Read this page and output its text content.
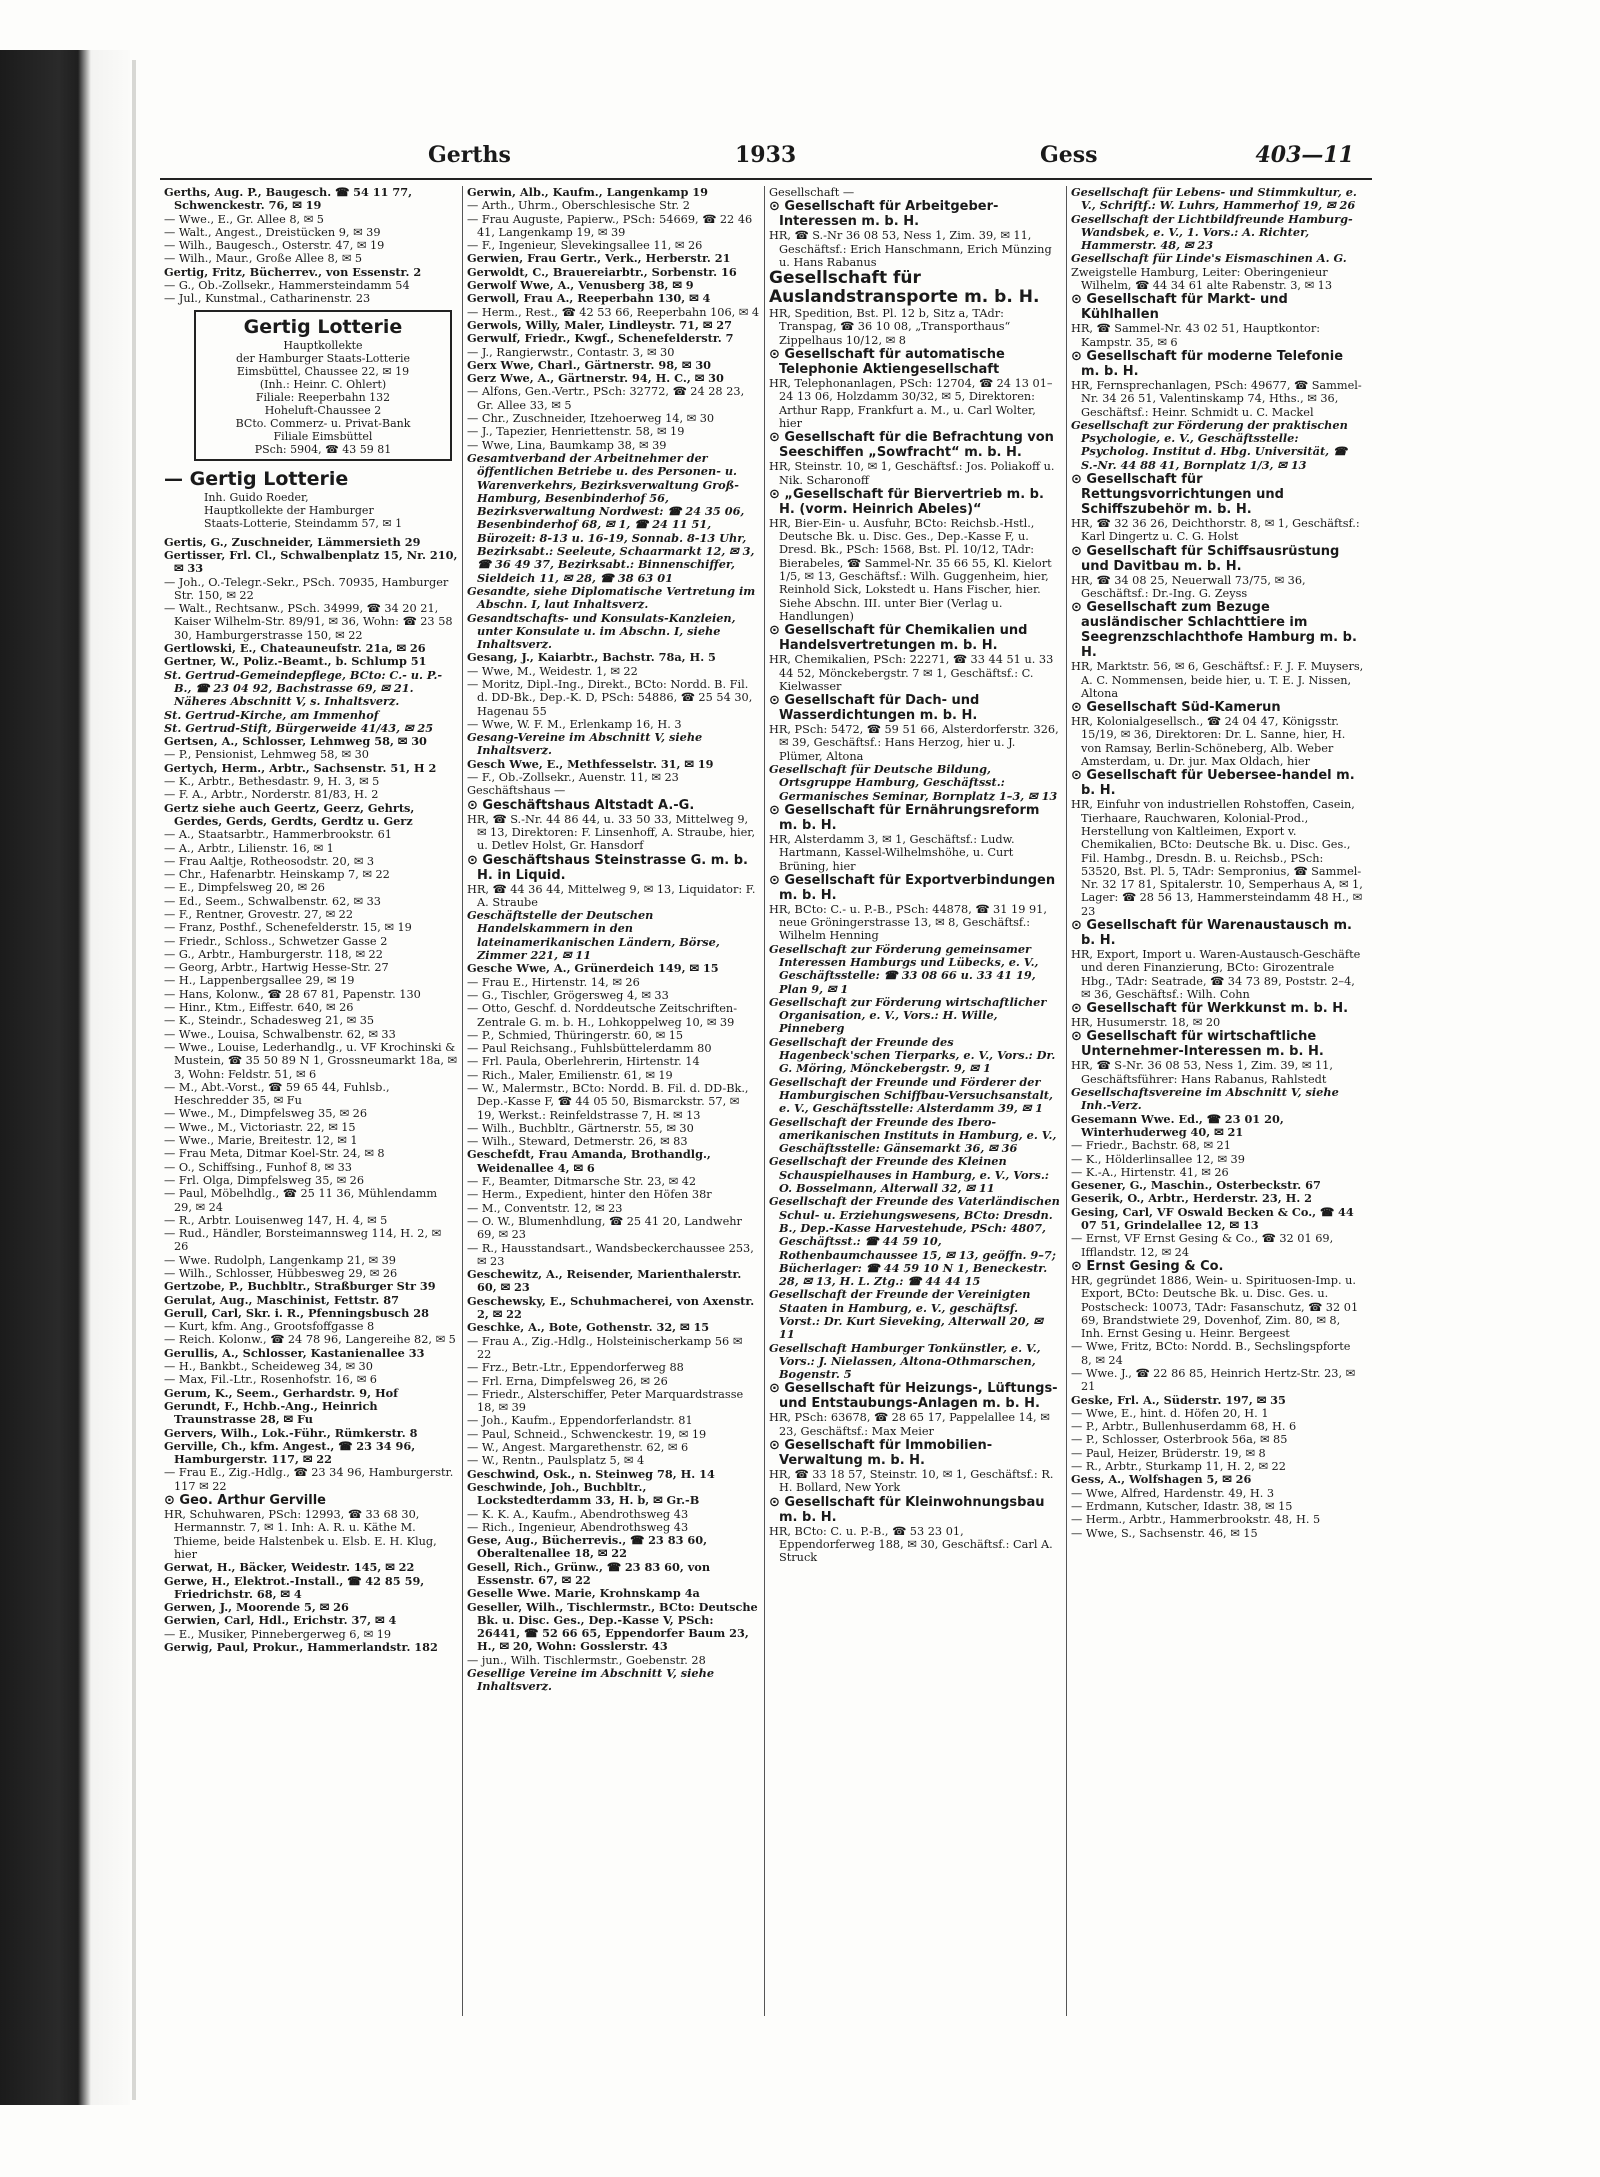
Gerths	1933	Gess	403—11

Gerths, Aug. P., Baugesch. ☎ 54 11 77, Schwenckestr. 76, ✉ 19

— Wwe., E., Gr. Allee 8, ✉ 5

— Walt., Angest., Dreistücken 9, ✉ 39

— Wilh., Baugesch., Osterstr. 47, ✉ 19

— Wilh., Maur., Große Allee 8, ✉ 5

Gertig, Fritz, Bücherrev., von Essenstr. 2

— G., Ob.-Zollsekr., Hammersteindamm 54

— Jul., Kunstmal., Catharinenstr. 23

Gertig Lotterie
Hauptkollekte
der Hamburger Staats-Lotterie
Eimsbüttel, Chaussee 22, ✉ 19
(Inh.: Heinr. C. Ohlert)
Filiale: Reeperbahn 132
Hoheluft-Chaussee 2
BCto. Commerz- u. Privat-Bank
Filiale Eimsbüttel
PSch: 5904, ☎ 43 59 81
— Gertig Lotterie
Inh. Guido Roeder,
Hauptkollekte der Hamburger
Staats-Lotterie, Steindamm 57, ✉ 1

Gertis, G., Zuschneider, Lämmersieth 29

Gertisser, Frl. Cl., Schwalbenplatz 15, Nr. 210, ✉ 33

— Joh., O.-Telegr.-Sekr., PSch. 70935, Hamburger Str. 150, ✉ 22

— Walt., Rechtsanw., PSch. 34999, ☎ 34 20 21, Kaiser Wilhelm-Str. 89/91, ✉ 36, Wohn: ☎ 23 58 30, Hamburgerstrasse 150, ✉ 22

Gertlowski, E., Chateauneufstr. 21a, ✉ 26

Gertner, W., Poliz.-Beamt., b. Schlump 51

St. Gertrud-Gemeindepflege, BCto: C.- u. P.-B., ☎ 23 04 92, Bachstrasse 69, ✉ 21. Näheres Abschnitt V, s. Inhaltsverz.

St. Gertrud-Kirche, am Immenhof

St. Gertrud-Stift, Bürgerweide 41/43, ✉ 25

Gertsen, A., Schlosser, Lehmweg 58, ✉ 30

— P., Pensionist, Lehmweg 58, ✉ 30

Gertych, Herm., Arbtr., Sachsenstr. 51, H 2

— K., Arbtr., Bethesdastr. 9, H. 3, ✉ 5

— F. A., Arbtr., Norderstr. 81/83, H. 2

Gertz siehe auch Geertz, Geerz, Gehrts, Gerdes, Gerds, Gerdts, Gerdtz u. Gerz

— A., Staatsarbtr., Hammerbrookstr. 61

— A., Arbtr., Lilienstr. 16, ✉ 1

— Frau Aaltje, Rotheosodstr. 20, ✉ 3

— Chr., Hafenarbtr. Heinskamp 7, ✉ 22

— E., Dimpfelsweg 20, ✉ 26

— Ed., Seem., Schwalbenstr. 62, ✉ 33

— F., Rentner, Grovestr. 27, ✉ 22

— Franz, Posthf., Schenefelderstr. 15, ✉ 19

— Friedr., Schloss., Schwetzer Gasse 2

— G., Arbtr., Hamburgerstr. 118, ✉ 22

— Georg, Arbtr., Hartwig Hesse-Str. 27

— H., Lappenbergsallee 29, ✉ 19

— Hans, Kolonw., ☎ 28 67 81, Papenstr. 130

— Hinr., Ktm., Eiffestr. 640, ✉ 26

— K., Steindr., Schadesweg 21, ✉ 35

— Wwe., Louisa, Schwalbenstr. 62, ✉ 33

— Wwe., Louise, Lederhandlg., u. VF Krochinski & Mustein, ☎ 35 50 89 N 1, Grossneumarkt 18a, ✉ 3, Wohn: Feldstr. 51, ✉ 6

— M., Abt.-Vorst., ☎ 59 65 44, Fuhlsb., Heschredder 35, ✉ Fu

— Wwe., M., Dimpfelsweg 35, ✉ 26

— Wwe., M., Victoriastr. 22, ✉ 15

— Wwe., Marie, Breitestr. 12, ✉ 1

— Frau Meta, Ditmar Koel-Str. 24, ✉ 8

— O., Schiffsing., Funhof 8, ✉ 33

— Frl. Olga, Dimpfelsweg 35, ✉ 26

— Paul, Möbelhdlg., ☎ 25 11 36, Mühlendamm 29, ✉ 24

— R., Arbtr. Louisenweg 147, H. 4, ✉ 5

— Rud., Händler, Borsteimannsweg 114, H. 2, ✉ 26

— Wwe. Rudolph, Langenkamp 21, ✉ 39

— Wilh., Schlosser, Hübbesweg 29, ✉ 26

Gertzobe, P., Buchbltr., Straßburger Str 39

Gerulat, Aug., Maschinist, Fettstr. 87

Gerull, Carl, Skr. i. R., Pfenningsbusch 28

— Kurt, kfm. Ang., Grootsfoffgasse 8

— Reich. Kolonw., ☎ 24 78 96, Langereihe 82, ✉ 5

Gerullis, A., Schlosser, Kastanienallee 33

— H., Bankbt., Scheideweg 34, ✉ 30

— Max, Fil.-Ltr., Rosenhofstr. 16, ✉ 6

Gerum, K., Seem., Gerhardstr. 9, Hof

Gerundt, F., Hchb.-Ang., Heinrich Traunstrasse 28, ✉ Fu

Gervers, Wilh., Lok.-Führ., Rümkerstr. 8

Gerville, Ch., kfm. Angest., ☎ 23 34 96, Hamburgerstr. 117, ✉ 22

— Frau E., Zig.-Hdlg., ☎ 23 34 96, Hamburgerstr. 117 ✉ 22

⊙ Geo. Arthur Gerville

HR, Schuhwaren, PSch: 12993, ☎ 33 68 30, Hermannstr. 7, ✉ 1. Inh: A. R. u. Käthe M. Thieme, beide Halstenbek u. Elsb. E. H. Klug, hier

Gerwat, H., Bäcker, Weidestr. 145, ✉ 22

Gerwe, H., Elektrot.-Install., ☎ 42 85 59, Friedrichstr. 68, ✉ 4

Gerwen, J., Moorende 5, ✉ 26

Gerwien, Carl, Hdl., Erichstr. 37, ✉ 4

— E., Musiker, Pinnebergerweg 6, ✉ 19

Gerwig, Paul, Prokur., Hammerlandstr. 182

Gerwin, Alb., Kaufm., Langenkamp 19

— Arth., Uhrm., Oberschlesische Str. 2

— Frau Auguste, Papierw., PSch: 54669, ☎ 22 46 41, Langenkamp 19, ✉ 39

— F., Ingenieur, Slevekingsallee 11, ✉ 26

Gerwien, Frau Gertr., Verk., Herberstr. 21

Gerwoldt, C., Brauereiarbtr., Sorbenstr. 16

Gerwolf Wwe, A., Venusberg 38, ✉ 9

Gerwoll, Frau A., Reeperbahn 130, ✉ 4

— Herm., Rest., ☎ 42 53 66, Reeperbahn 106, ✉ 4

Gerwols, Willy, Maler, Lindleystr. 71, ✉ 27

Gerwulf, Friedr., Kwgf., Schenefelderstr. 7

— J., Rangierwstr., Contastr. 3, ✉ 30

Gerx Wwe, Charl., Gärtnerstr. 98, ✉ 30

Gerz Wwe, A., Gärtnerstr. 94, H. C., ✉ 30

— Alfons, Gen.-Vertr., PSch: 32772, ☎ 24 28 23, Gr. Allee 33, ✉ 5

— Chr., Zuschneider, Itzehoerweg 14, ✉ 30

— J., Tapezier, Henriettenstr. 58, ✉ 19

— Wwe, Lina, Baumkamp 38, ✉ 39

Gesamtverband der Arbeitnehmer der öffentlichen Betriebe u. des Personen- u. Warenverkehrs, Bezirksverwaltung Groß-Hamburg, Besenbinderhof 56, Bezirksverwaltung Nordwest: ☎ 24 35 06, Besenbinderhof 68, ✉ 1, ☎ 24 11 51, Bürozeit: 8-13 u. 16-19, Sonnab. 8-13 Uhr, Bezirksabt.: Seeleute, Schaarmarkt 12, ✉ 3, ☎ 36 49 37, Bezirksabt.: Binnenschiffer, Sieldeich 11, ✉ 28, ☎ 38 63 01

Gesandte, siehe Diplomatische Vertretung im Abschn. I, laut Inhaltsverz.

Gesandtschafts- und Konsulats-Kanzleien, unter Konsulate u. im Abschn. I, siehe Inhaltsverz.

Gesang, J., Kaiarbtr., Bachstr. 78a, H. 5

— Wwe, M., Weidestr. 1, ✉ 22

— Moritz, Dipl.-Ing., Direkt., BCto: Nordd. B. Fil. d. DD-Bk., Dep.-K. D, PSch: 54886, ☎ 25 54 30, Hagenau 55

— Wwe, W. F. M., Erlenkamp 16, H. 3

Gesang-Vereine im Abschnitt V, siehe Inhaltsverz.

Gesch Wwe, E., Methfesselstr. 31, ✉ 19

— F., Ob.-Zollsekr., Auenstr. 11, ✉ 23

Geschäftshaus —

⊙ Geschäftshaus Altstadt A.-G.

HR, ☎ S.-Nr. 44 86 44, u. 33 50 33, Mittelweg 9, ✉ 13, Direktoren: F. Linsenhoff, A. Straube, hier, u. Detlev Holst, Gr. Hansdorf

⊙ Geschäftshaus Steinstrasse G. m. b. H. in Liquid.

HR, ☎ 44 36 44, Mittelweg 9, ✉ 13, Liquidator: F. A. Straube

Geschäftstelle der Deutschen Handelskammern in den lateinamerikanischen Ländern, Börse, Zimmer 221, ✉ 11

Gesche Wwe, A., Grünerdeich 149, ✉ 15

— Frau E., Hirtenstr. 14, ✉ 26

— G., Tischler, Grögersweg 4, ✉ 33

— Otto, Geschf. d. Norddeutsche Zeitschriften-Zentrale G. m. b. H., Lohkoppelweg 10, ✉ 39

— P., Schmied, Thüringerstr. 60, ✉ 15

— Paul Reichsang., Fuhlsbüttelerdamm 80

— Frl. Paula, Oberlehrerin, Hirtenstr. 14

— Rich., Maler, Emilienstr. 61, ✉ 19

— W., Malermstr., BCto: Nordd. B. Fil. d. DD-Bk., Dep.-Kasse F, ☎ 44 05 50, Bismarckstr. 57, ✉ 19, Werkst.: Reinfeldstrasse 7, H. ✉ 13

— Wilh., Buchbltr., Gärtnerstr. 55, ✉ 30

— Wilh., Steward, Detmerstr. 26, ✉ 83

Geschefdt, Frau Amanda, Brothandlg., Weidenallee 4, ✉ 6

— F., Beamter, Ditmarsche Str. 23, ✉ 42

— Herm., Expedient, hinter den Höfen 38r

— M., Conventstr. 12, ✉ 23

— O. W., Blumenhdlung, ☎ 25 41 20, Landwehr 69, ✉ 23

— R., Hausstandsart., Wandsbeckerchaussee 253, ✉ 23

Geschewitz, A., Reisender, Marienthalerstr. 60, ✉ 23

Geschewsky, E., Schuhmacherei, von Axenstr. 2, ✉ 22

Geschke, A., Bote, Gothenstr. 32, ✉ 15

— Frau A., Zig.-Hdlg., Holsteinischerkamp 56 ✉ 22

— Frz., Betr.-Ltr., Eppendorferweg 88

— Frl. Erna, Dimpfelsweg 26, ✉ 26

— Friedr., Alsterschiffer, Peter Marquardstrasse 18, ✉ 39

— Joh., Kaufm., Eppendorferlandstr. 81

— Paul, Schneid., Schwenckestr. 19, ✉ 19

— W., Angest. Margarethenstr. 62, ✉ 6

— W., Rentn., Paulsplatz 5, ✉ 4

Geschwind, Osk., n. Steinweg 78, H. 14

Geschwinde, Joh., Buchbltr., Lockstedterdamm 33, H. b, ✉ Gr.-B

— K. K. A., Kaufm., Abendrothsweg 43

— Rich., Ingenieur, Abendrothsweg 43

Gese, Aug., Bücherrevis., ☎ 23 83 60, Oberaltenallee 18, ✉ 22

Gesell, Rich., Grünw., ☎ 23 83 60, von Essenstr. 67, ✉ 22

Geselle Wwe. Marie, Krohnskamp 4a

Geseller, Wilh., Tischlermstr., BCto: Deutsche Bk. u. Disc. Ges., Dep.-Kasse V, PSch: 26441, ☎ 52 66 65, Eppendorfer Baum 23, H., ✉ 20, Wohn: Gosslerstr. 43

— jun., Wilh. Tischlermstr., Goebenstr. 28

Gesellige Vereine im Abschnitt V, siehe Inhaltsverz.

Gesellschaft —

⊙ Gesellschaft für Arbeitgeber-Interessen m. b. H.

HR, ☎ S.-Nr 36 08 53, Ness 1, Zim. 39, ✉ 11, Geschäftsf.: Erich Hanschmann, Erich Münzing u. Hans Rabanus

Gesellschaft für Auslandstransporte m. b. H.

HR, Spedition, Bst. Pl. 12 b, Sitz a, TAdr: Transpag, ☎ 36 10 08, „Transporthaus“ Zippelhaus 10/12, ✉ 8

⊙ Gesellschaft für automatische Telephonie Aktiengesellschaft

HR, Telephonanlagen, PSch: 12704, ☎ 24 13 01–24 13 06, Holzdamm 30/32, ✉ 5, Direktoren: Arthur Rapp, Frankfurt a. M., u. Carl Wolter, hier

⊙ Gesellschaft für die Befrachtung von Seeschiffen „Sowfracht“ m. b. H.

HR, Steinstr. 10, ✉ 1, Geschäftsf.: Jos. Poliakoff u. Nik. Scharonoff

⊙ „Gesellschaft für Biervertrieb m. b. H. (vorm. Heinrich Abeles)“

HR, Bier-Ein- u. Ausfuhr, BCto: Reichsb.-Hstl., Deutsche Bk. u. Disc. Ges., Dep.-Kasse F, u. Dresd. Bk., PSch: 1568, Bst. Pl. 10/12, TAdr: Bierabeles, ☎ Sammel-Nr. 35 66 55, Kl. Kielort 1/5, ✉ 13, Geschäftsf.: Wilh. Guggenheim, hier, Reinhold Sick, Lokstedt u. Hans Fischer, hier. Siehe Abschn. III. unter Bier (Verlag u. Handlungen)

⊙ Gesellschaft für Chemikalien und Handelsvertretungen m. b. H.

HR, Chemikalien, PSch: 22271, ☎ 33 44 51 u. 33 44 52, Mönckebergstr. 7 ✉ 1, Geschäftsf.: C. Kielwasser

⊙ Gesellschaft für Dach- und Wasserdichtungen m. b. H.

HR, PSch: 5472, ☎ 59 51 66, Alsterdorferstr. 326, ✉ 39, Geschäftsf.: Hans Herzog, hier u. J. Plümer, Altona

Gesellschaft für Deutsche Bildung, Ortsgruppe Hamburg, Geschäftsst.: Germanisches Seminar, Bornplatz 1–3, ✉ 13

⊙ Gesellschaft für Ernährungsreform m. b. H.

HR, Alsterdamm 3, ✉ 1, Geschäftsf.: Ludw. Hartmann, Kassel-Wilhelmshöhe, u. Curt Brüning, hier

⊙ Gesellschaft für Exportverbindungen m. b. H.

HR, BCto: C.- u. P.-B., PSch: 44878, ☎ 31 19 91, neue Gröningerstrasse 13, ✉ 8, Geschäftsf.: Wilhelm Henning

Gesellschaft zur Förderung gemeinsamer Interessen Hamburgs und Lübecks, e. V., Geschäftsstelle: ☎ 33 08 66 u. 33 41 19, Plan 9, ✉ 1

Gesellschaft zur Förderung wirtschaftlicher Organisation, e. V., Vors.: H. Wille, Pinneberg

Gesellschaft der Freunde des Hagenbeck'schen Tierparks, e. V., Vors.: Dr. G. Möring, Mönckebergstr. 9, ✉ 1

Gesellschaft der Freunde und Förderer der Hamburgischen Schiffbau-Versuchsanstalt, e. V., Geschäftsstelle: Alsterdamm 39, ✉ 1

Gesellschaft der Freunde des Ibero-amerikanischen Instituts in Hamburg, e. V., Geschäftsstelle: Gänsemarkt 36, ✉ 36

Gesellschaft der Freunde des Kleinen Schauspielhauses in Hamburg, e. V., Vors.: O. Bosselmann, Alterwall 32, ✉ 11

Gesellschaft der Freunde des Vaterländischen Schul- u. Erziehungswesens, BCto: Dresdn. B., Dep.-Kasse Harvestehude, PSch: 4807, Geschäftsst.: ☎ 44 59 10, Rothenbaumchaussee 15, ✉ 13, geöffn. 9–7; Bücherlager: ☎ 44 59 10 N 1, Beneckestr. 28, ✉ 13, H. L. Ztg.: ☎ 44 44 15

Gesellschaft der Freunde der Vereinigten Staaten in Hamburg, e. V., geschäftsf. Vorst.: Dr. Kurt Sieveking, Alterwall 20, ✉ 11

Gesellschaft Hamburger Tonkünstler, e. V., Vors.: J. Nielassen, Altona-Othmarschen, Bogenstr. 5

⊙ Gesellschaft für Heizungs-, Lüftungs- und Entstaubungs-Anlagen m. b. H.

HR, PSch: 63678, ☎ 28 65 17, Pappelallee 14, ✉ 23, Geschäftsf.: Max Meier

⊙ Gesellschaft für Immobilien-Verwaltung m. b. H.

HR, ☎ 33 18 57, Steinstr. 10, ✉ 1, Geschäftsf.: R. H. Bollard, New York

⊙ Gesellschaft für Kleinwohnungsbau m. b. H.

HR, BCto: C. u. P.-B., ☎ 53 23 01, Eppendorferweg 188, ✉ 30, Geschäftsf.: Carl A. Struck

Gesellschaft für Lebens- und Stimmkultur, e. V., Schriftf.: W. Luhrs, Hammerhof 19, ✉ 26

Gesellschaft der Lichtbildfreunde Hamburg-Wandsbek, e. V., 1. Vors.: A. Richter, Hammerstr. 48, ✉ 23

Gesellschaft für Linde's Eismaschinen A. G.

Zweigstelle Hamburg, Leiter: Oberingenieur Wilhelm, ☎ 44 34 61 alte Rabenstr. 3, ✉ 13

⊙ Gesellschaft für Markt- und Kühlhallen

HR, ☎ Sammel-Nr. 43 02 51, Hauptkontor: Kampstr. 35, ✉ 6

⊙ Gesellschaft für moderne Telefonie m. b. H.

HR, Fernsprechanlagen, PSch: 49677, ☎ Sammel-Nr. 34 26 51, Valentinskamp 74, Hths., ✉ 36, Geschäftsf.: Heinr. Schmidt u. C. Mackel

Gesellschaft zur Förderung der praktischen Psychologie, e. V., Geschäftsstelle: Psycholog. Institut d. Hbg. Universität, ☎ S.-Nr. 44 88 41, Bornplatz 1/3, ✉ 13

⊙ Gesellschaft für Rettungsvorrichtungen und Schiffszubehör m. b. H.

HR, ☎ 32 36 26, Deichthorstr. 8, ✉ 1, Geschäftsf.: Karl Dingertz u. C. G. Holst

⊙ Gesellschaft für Schiffsausrüstung und Davitbau m. b. H.

HR, ☎ 34 08 25, Neuerwall 73/75, ✉ 36, Geschäftsf.: Dr.-Ing. G. Zeyss

⊙ Gesellschaft zum Bezuge ausländischer Schlachttiere im Seegrenzschlachthofe Hamburg m. b. H.

HR, Marktstr. 56, ✉ 6, Geschäftsf.: F. J. F. Muysers, A. C. Nommensen, beide hier, u. T. E. J. Nissen, Altona

⊙ Gesellschaft Süd-Kamerun

HR, Kolonialgesellsch., ☎ 24 04 47, Königsstr. 15/19, ✉ 36, Direktoren: Dr. L. Sanne, hier, H. von Ramsay, Berlin-Schöneberg, Alb. Weber Amsterdam, u. Dr. jur. Max Oldach, hier

⊙ Gesellschaft für Uebersee-handel m. b. H.

HR, Einfuhr von industriellen Rohstoffen, Casein, Tierhaare, Rauchwaren, Kolonial-Prod., Herstellung von Kaltleimen, Export v. Chemikalien, BCto: Deutsche Bk. u. Disc. Ges., Fil. Hambg., Dresdn. B. u. Reichsb., PSch: 53520, Bst. Pl. 5, TAdr: Sempronius, ☎ Sammel-Nr. 32 17 81, Spitalerstr. 10, Semperhaus A, ✉ 1, Lager: ☎ 28 56 13, Hammersteindamm 48 H., ✉ 23

⊙ Gesellschaft für Warenaustausch m. b. H.

HR, Export, Import u. Waren-Austausch-Geschäfte und deren Finanzierung, BCto: Girozentrale Hbg., TAdr: Seatrade, ☎ 34 73 89, Poststr. 2–4, ✉ 36, Geschäftsf.: Wilh. Cohn

⊙ Gesellschaft für Werkkunst m. b. H.

HR, Husumerstr. 18, ✉ 20

⊙ Gesellschaft für wirtschaftliche Unternehmer-Interessen m. b. H.

HR, ☎ S-Nr. 36 08 53, Ness 1, Zim. 39, ✉ 11, Geschäftsführer: Hans Rabanus, Rahlstedt

Gesellschaftsvereine im Abschnitt V, siehe Inh.-Verz.

Gesemann Wwe. Ed., ☎ 23 01 20, Winterhuderweg 40, ✉ 21

— Friedr., Bachstr. 68, ✉ 21

— K., Hölderlinsallee 12, ✉ 39

— K.-A., Hirtenstr. 41, ✉ 26

Gesener, G., Maschin., Osterbeckstr. 67

Geserik, O., Arbtr., Herderstr. 23, H. 2

Gesing, Carl, VF Oswald Becken & Co., ☎ 44 07 51, Grindelallee 12, ✉ 13

— Ernst, VF Ernst Gesing & Co., ☎ 32 01 69, Ifflandstr. 12, ✉ 24

⊙ Ernst Gesing & Co.

HR, gegründet 1886, Wein- u. Spirituosen-Imp. u. Export, BCto: Deutsche Bk. u. Disc. Ges. u. Postscheck: 10073, TAdr: Fasanschutz, ☎ 32 01 69, Brandstwiete 29, Dovenhof, Zim. 80, ✉ 8, Inh. Ernst Gesing u. Heinr. Bergeest

— Wwe, Fritz, BCto: Nordd. B., Sechslingspforte 8, ✉ 24

— Wwe. J., ☎ 22 86 85, Heinrich Hertz-Str. 23, ✉ 21

Geske, Frl. A., Süderstr. 197, ✉ 35

— Wwe, E., hint. d. Höfen 20, H. 1

— P., Arbtr., Bullenhuserdamm 68, H. 6

— P., Schlosser, Osterbrook 56a, ✉ 85

— Paul, Heizer, Brüderstr. 19, ✉ 8

— R., Arbtr., Sturkamp 11, H. 2, ✉ 22

Gess, A., Wolfshagen 5, ✉ 26

— Wwe, Alfred, Hardenstr. 49, H. 3

— Erdmann, Kutscher, Idastr. 38, ✉ 15

— Herm., Arbtr., Hammerbrookstr. 48, H. 5

— Wwe, S., Sachsenstr. 46, ✉ 15
